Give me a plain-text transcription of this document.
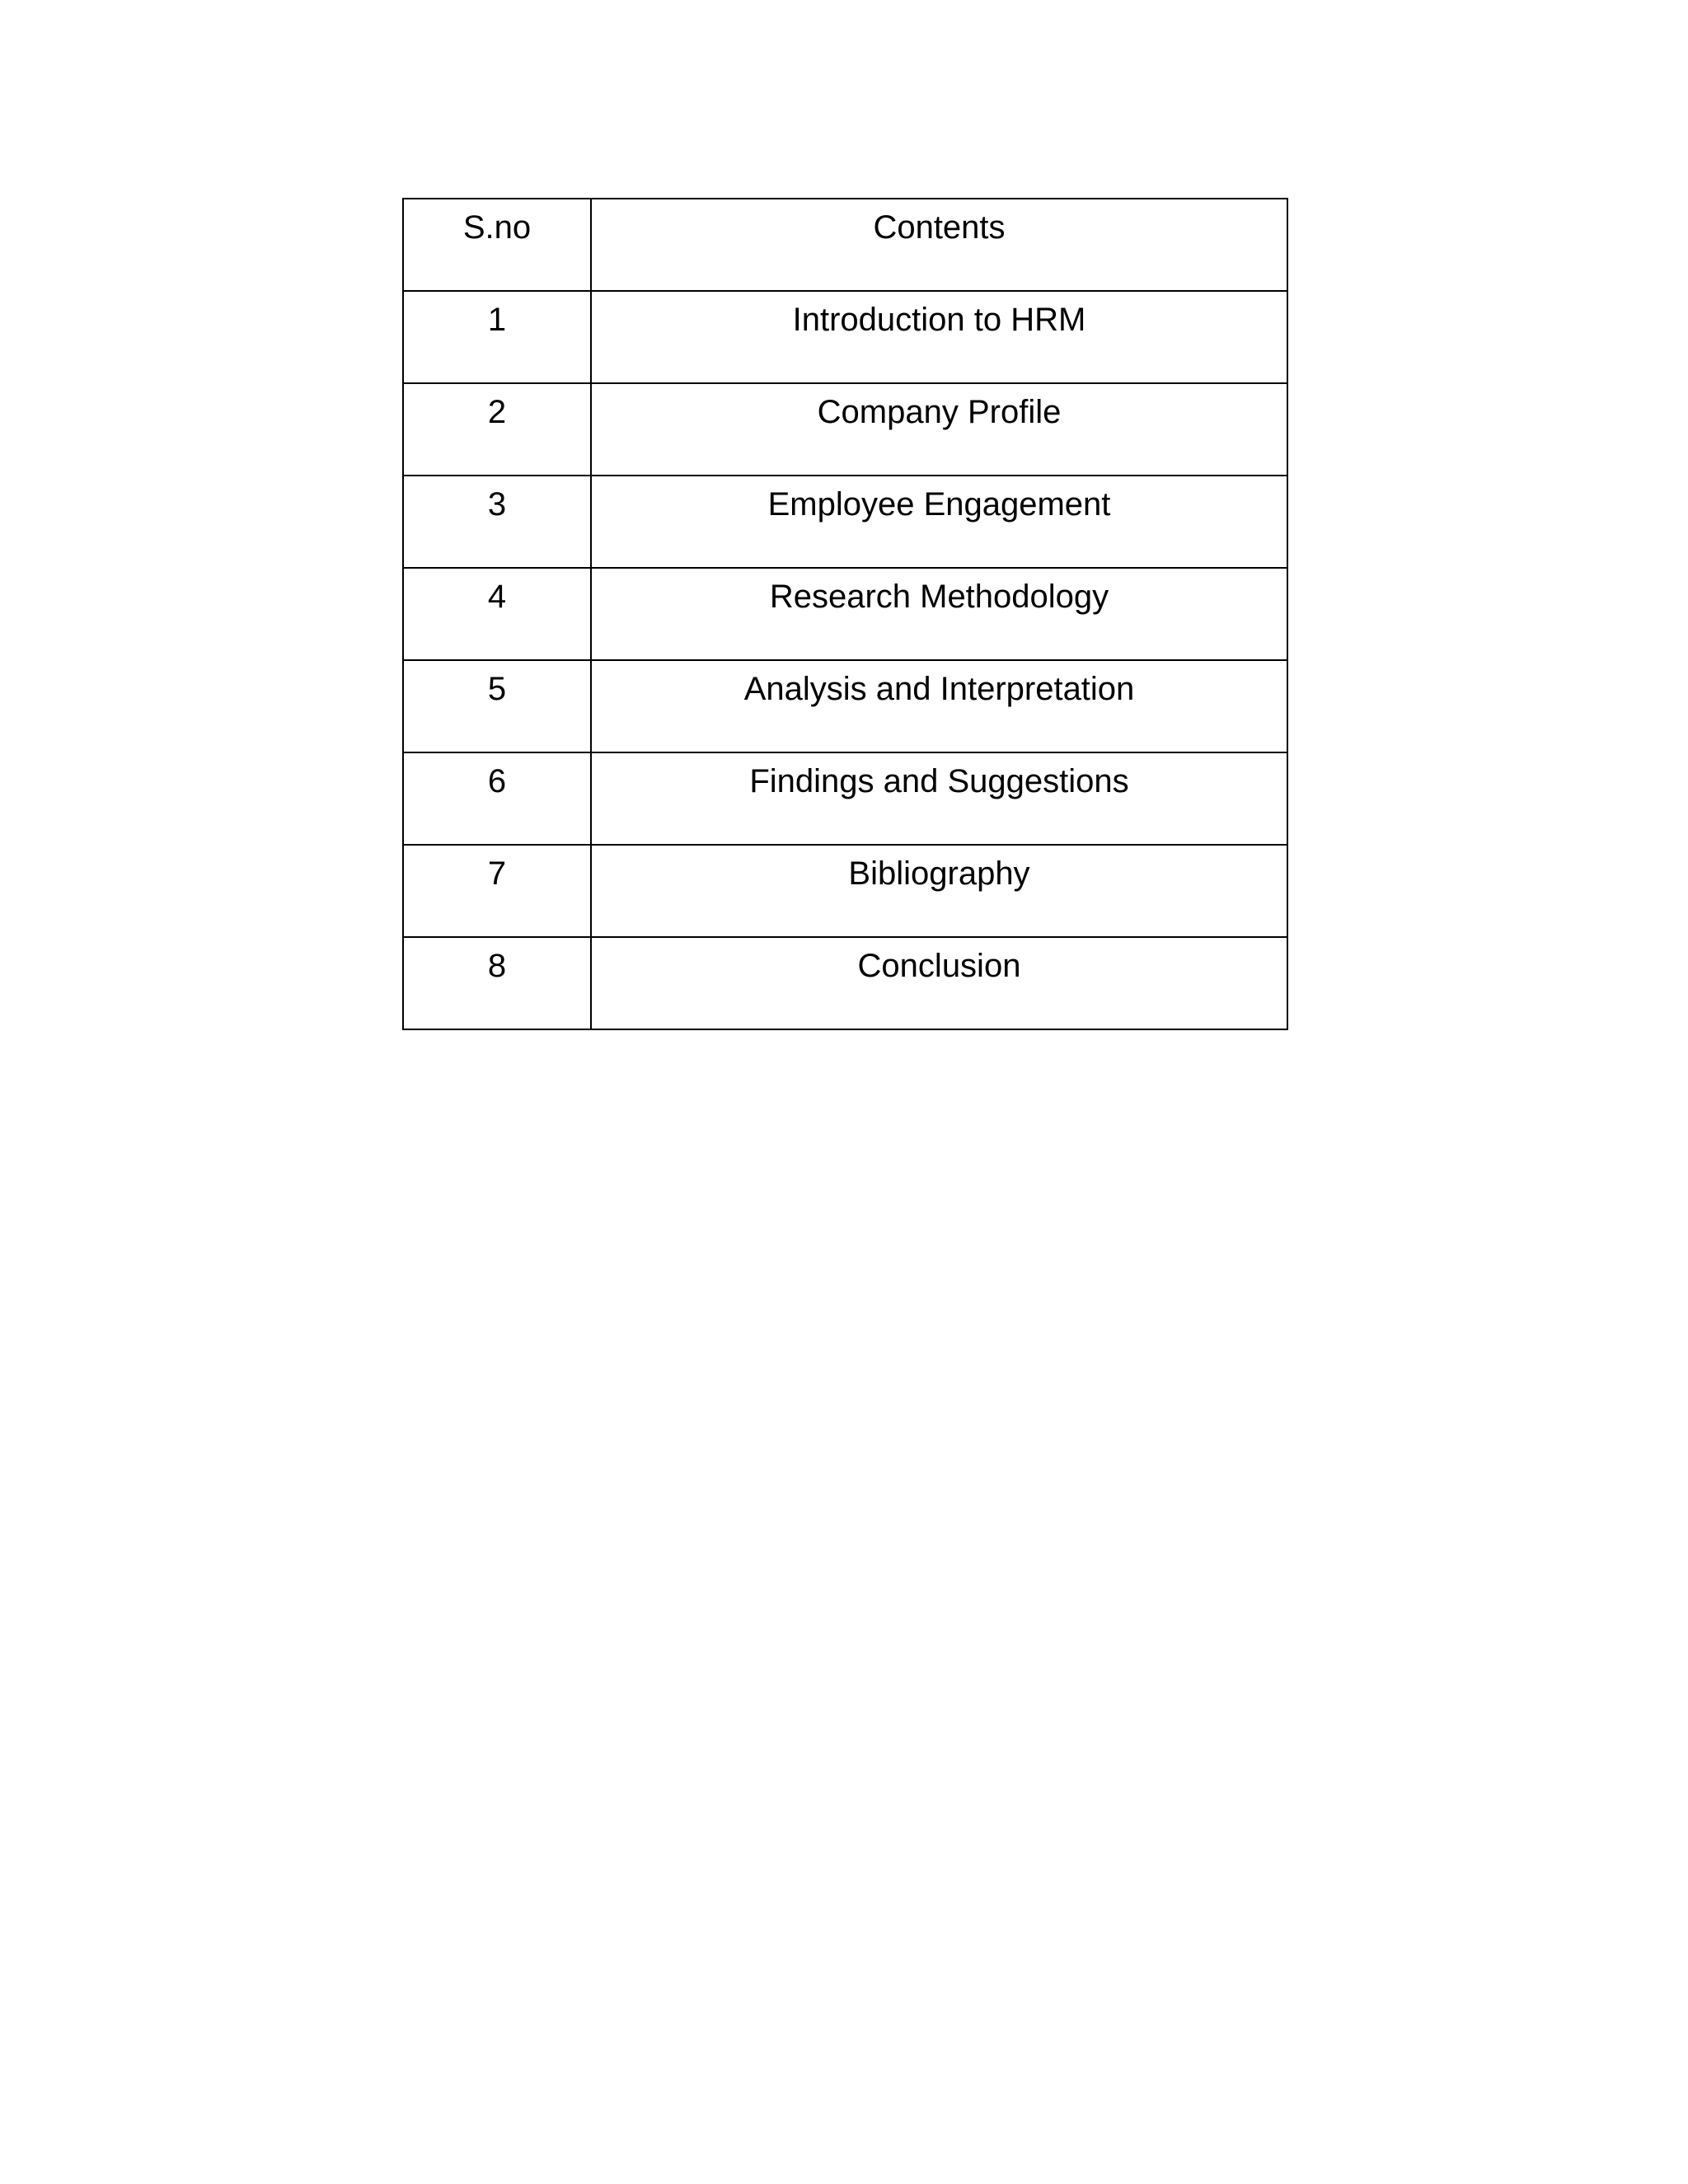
S.no	Contents
1	Introduction to HRM
2	Company Profile
3	Employee Engagement
4	Research Methodology
5	Analysis and Interpretation
6	Findings and Suggestions
7	Bibliography
8	Conclusion
